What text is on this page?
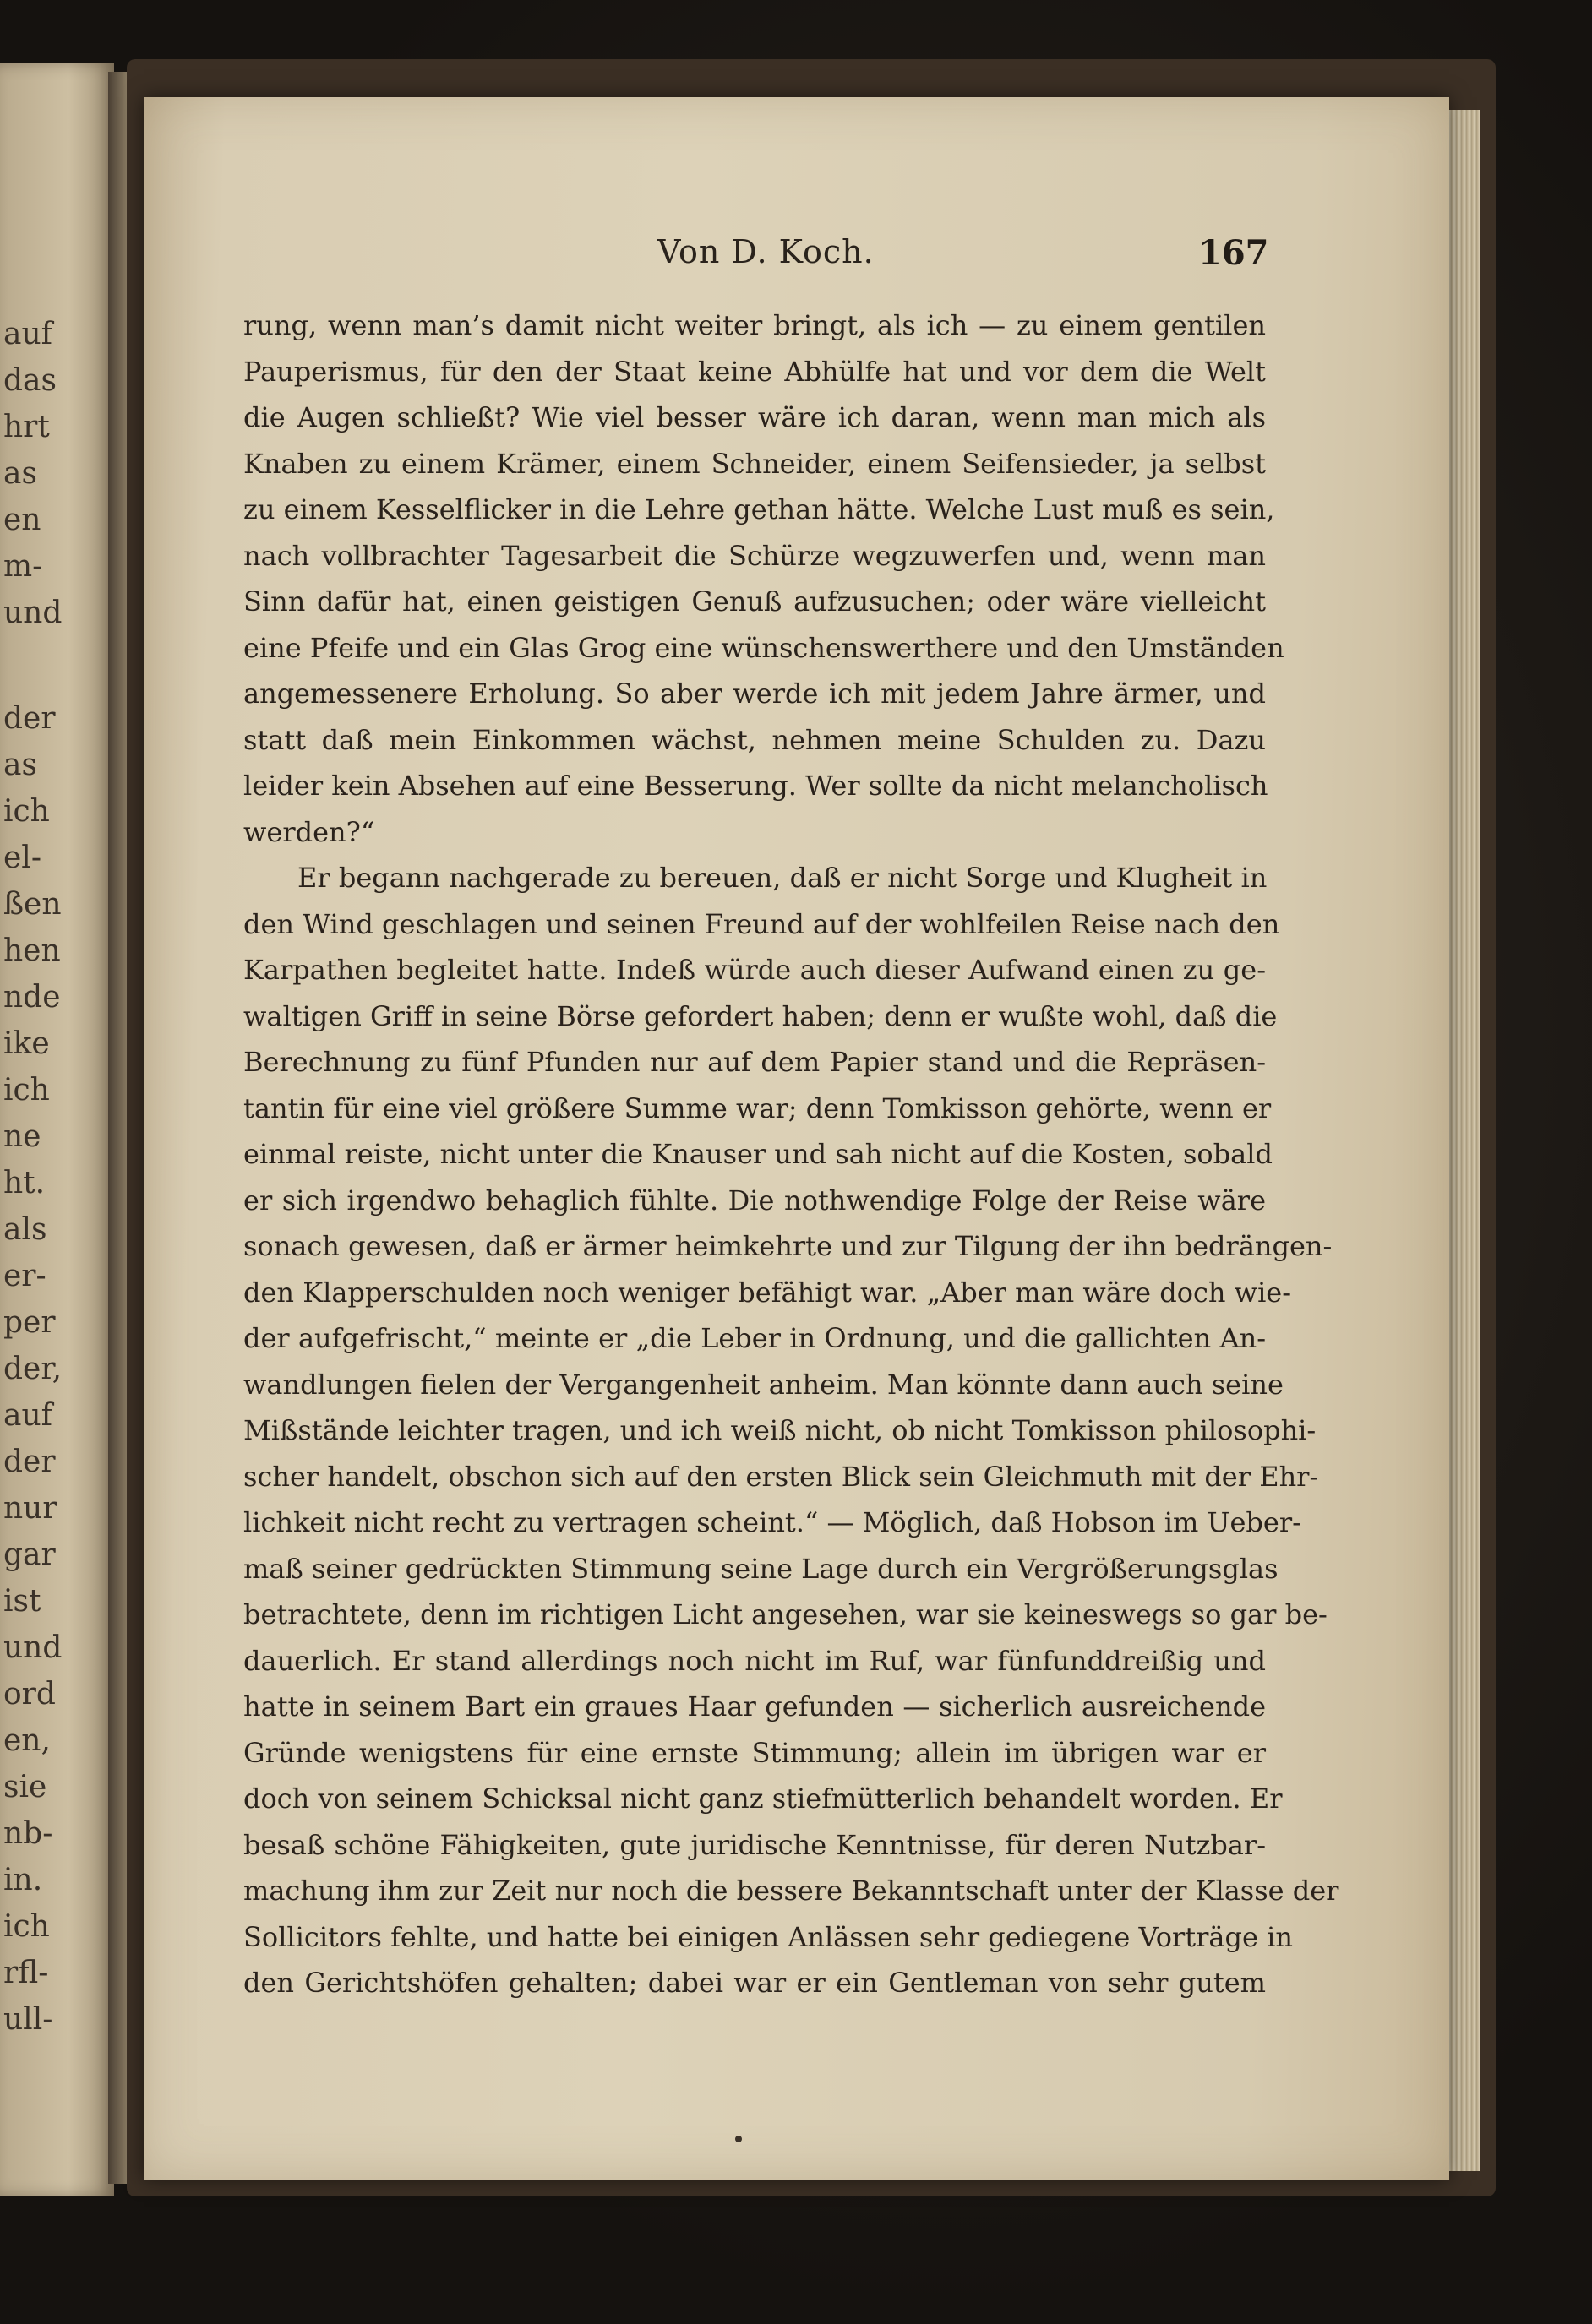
auf
das
hrt
as
en
m-
und
der
as
ich
el-
ßen
hen
nde
ike
ich
ne
ht.
als
er-
per
der,
auf
der
nur
gar
ist
und
ord
en,
sie
nb-
in.
ich
rfl-
ull-
Von D. Koch.	167
rung, wenn man’s damit nicht weiter bringt, als ich — zu einem gentilen
Pauperismus, für den der Staat keine Abhülfe hat und vor dem die Welt
die Augen schließt? Wie viel besser wäre ich daran, wenn man mich als
Knaben zu einem Krämer, einem Schneider, einem Seifensieder, ja selbst
zu einem Kesselflicker in die Lehre gethan hätte. Welche Lust muß es sein,
nach vollbrachter Tagesarbeit die Schürze wegzuwerfen und, wenn man
Sinn dafür hat, einen geistigen Genuß aufzusuchen; oder wäre vielleicht
eine Pfeife und ein Glas Grog eine wünschenswerthere und den Umständen
angemessenere Erholung. So aber werde ich mit jedem Jahre ärmer, und
statt daß mein Einkommen wächst, nehmen meine Schulden zu. Dazu
leider kein Absehen auf eine Besserung. Wer sollte da nicht melancholisch
werden?“
Er begann nachgerade zu bereuen, daß er nicht Sorge und Klugheit in
den Wind geschlagen und seinen Freund auf der wohlfeilen Reise nach den
Karpathen begleitet hatte. Indeß würde auch dieser Aufwand einen zu ge-
waltigen Griff in seine Börse gefordert haben; denn er wußte wohl, daß die
Berechnung zu fünf Pfunden nur auf dem Papier stand und die Repräsen-
tantin für eine viel größere Summe war; denn Tomkisson gehörte, wenn er
einmal reiste, nicht unter die Knauser und sah nicht auf die Kosten, sobald
er sich irgendwo behaglich fühlte. Die nothwendige Folge der Reise wäre
sonach gewesen, daß er ärmer heimkehrte und zur Tilgung der ihn bedrängen-
den Klapperschulden noch weniger befähigt war. „Aber man wäre doch wie-
der aufgefrischt,“ meinte er „die Leber in Ordnung, und die gallichten An-
wandlungen fielen der Vergangenheit anheim. Man könnte dann auch seine
Mißstände leichter tragen, und ich weiß nicht, ob nicht Tomkisson philosophi-
scher handelt, obschon sich auf den ersten Blick sein Gleichmuth mit der Ehr-
lichkeit nicht recht zu vertragen scheint.“ — Möglich, daß Hobson im Ueber-
maß seiner gedrückten Stimmung seine Lage durch ein Vergrößerungsglas
betrachtete, denn im richtigen Licht angesehen, war sie keineswegs so gar be-
dauerlich. Er stand allerdings noch nicht im Ruf, war fünfunddreißig und
hatte in seinem Bart ein graues Haar gefunden — sicherlich ausreichende
Gründe wenigstens für eine ernste Stimmung; allein im übrigen war er
doch von seinem Schicksal nicht ganz stiefmütterlich behandelt worden. Er
besaß schöne Fähigkeiten, gute juridische Kenntnisse, für deren Nutzbar-
machung ihm zur Zeit nur noch die bessere Bekanntschaft unter der Klasse der
Sollicitors fehlte, und hatte bei einigen Anlässen sehr gediegene Vorträge in
den Gerichtshöfen gehalten; dabei war er ein Gentleman von sehr gutem
